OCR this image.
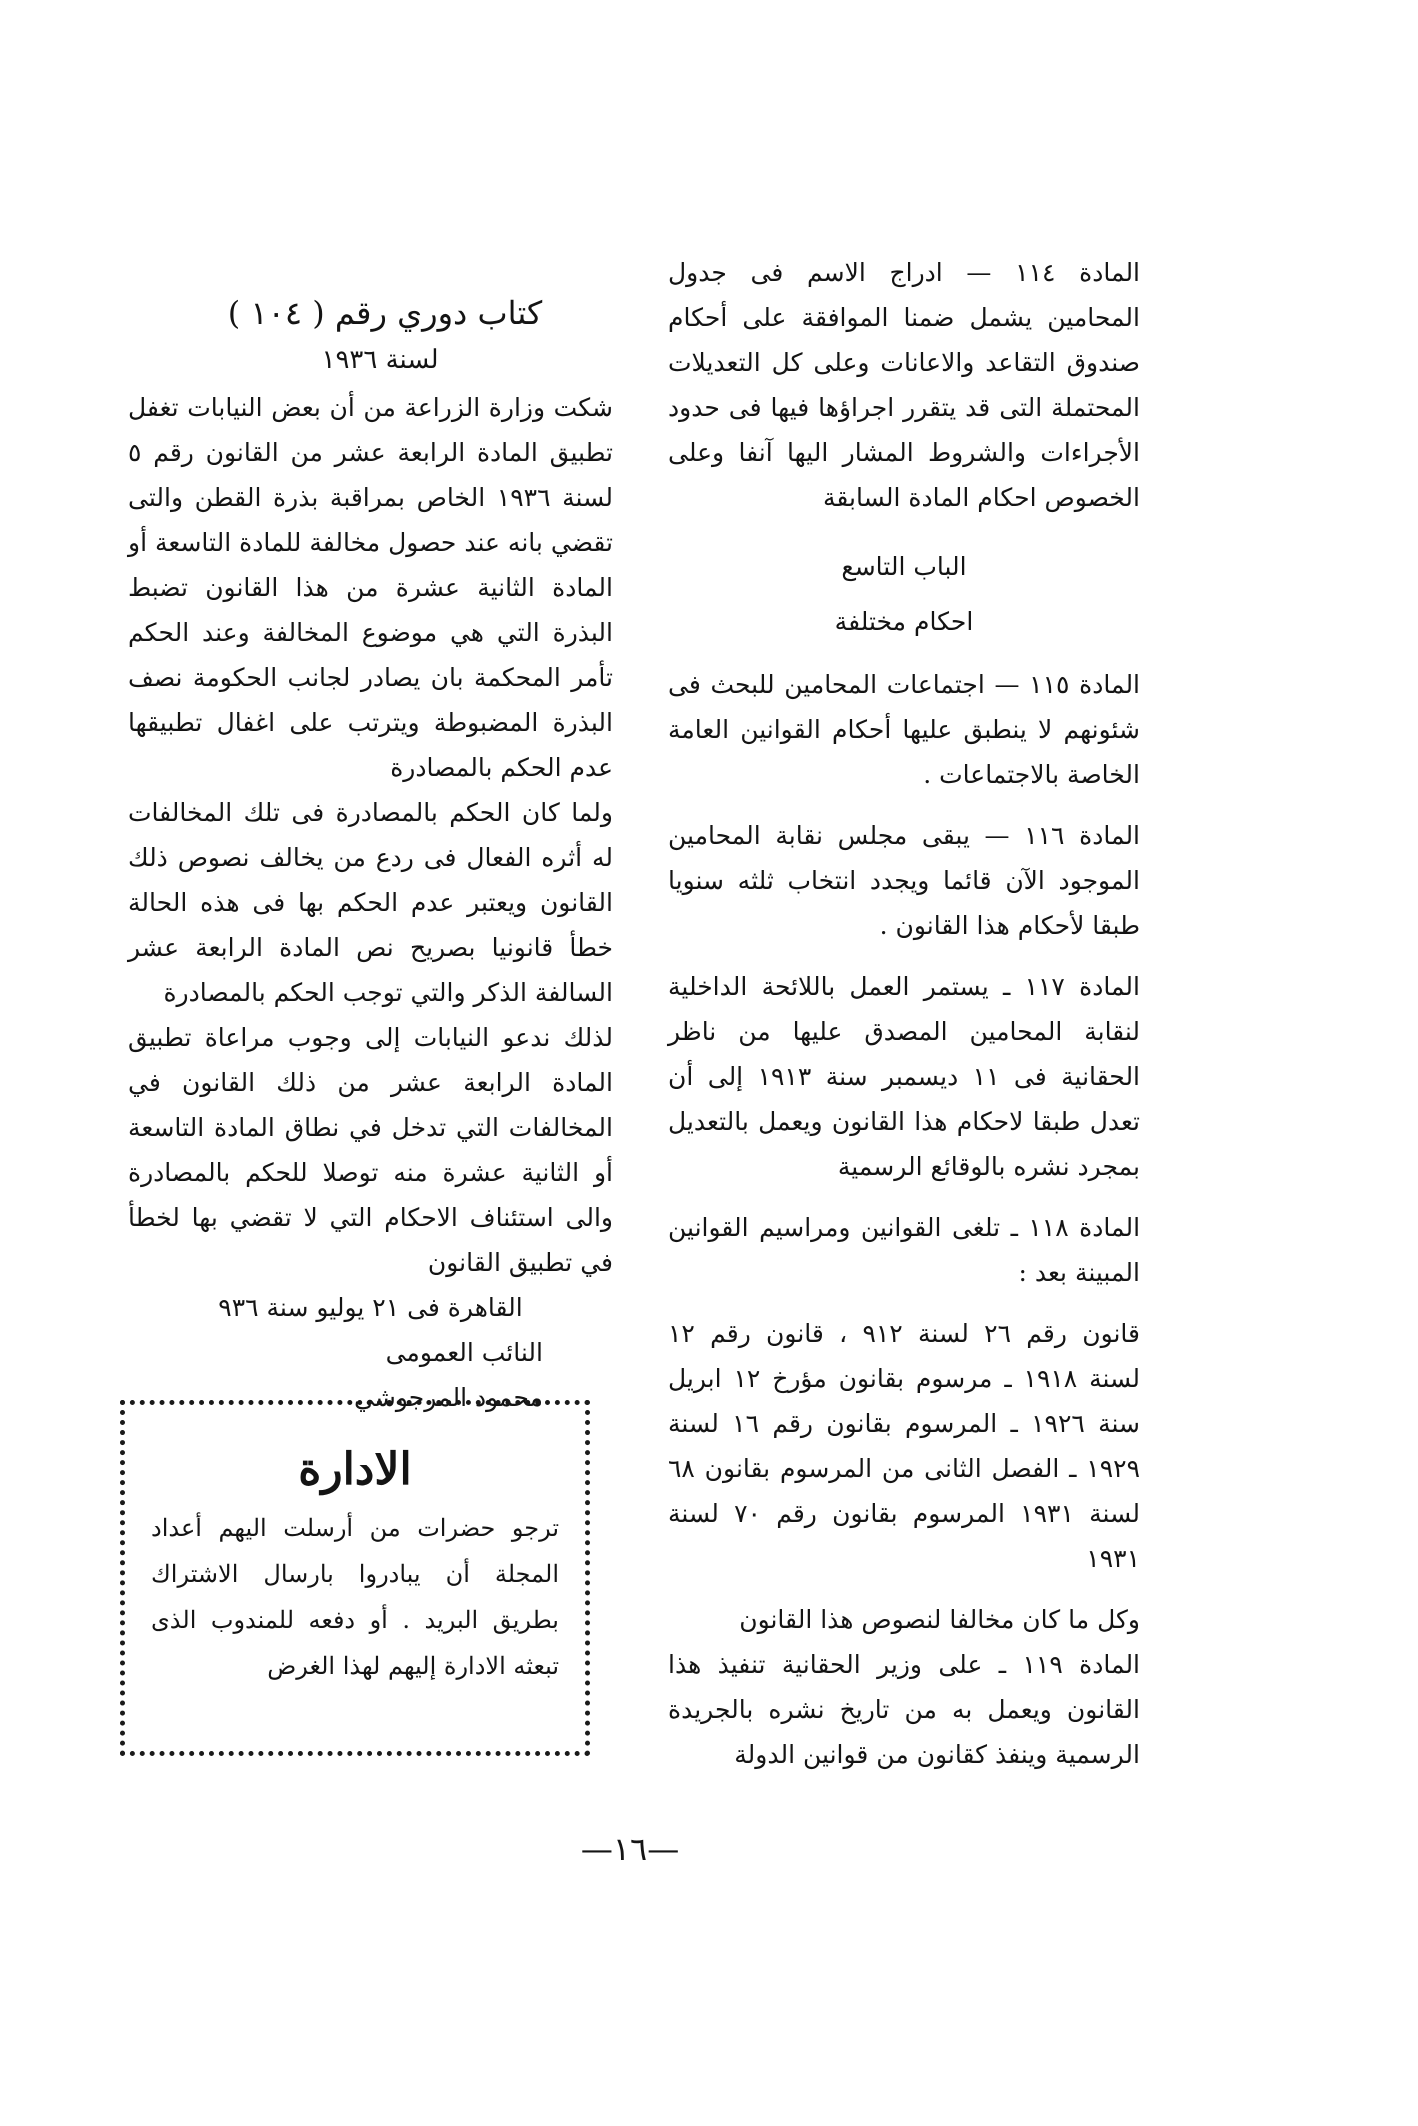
المادة ١١٤ — ادراج الاسم فى جدول المحامين يشمل ضمنا الموافقة على أحكام صندوق التقاعد والاعانات وعلى كل التعديلات المحتملة التى قد يتقرر اجراؤها فيها فى حدود الأجراءات والشروط المشار اليها آنفا وعلى الخصوص احكام المادة السابقة

الباب التاسع

احكام مختلفة

المادة ١١٥ — اجتماعات المحامين للبحث فى شئونهم لا ينطبق عليها أحكام القوانين العامة الخاصة بالاجتماعات .

المادة ١١٦ — يبقى مجلس نقابة المحامين الموجود الآن قائما ويجدد انتخاب ثلثه سنويا طبقا لأحكام هذا القانون .

المادة ١١٧ ـ يستمر العمل باللائحة الداخلية لنقابة المحامين المصدق عليها من ناظر الحقانية فى ١١ ديسمبر سنة ١٩١٣ إلى أن تعدل طبقا لاحكام هذا القانون ويعمل بالتعديل بمجرد نشره بالوقائع الرسمية

المادة ١١٨ ـ تلغى القوانين ومراسيم القوانين المبينة بعد :

قانون رقم ٢٦ لسنة ٩١٢ ، قانون رقم ١٢ لسنة ١٩١٨ ـ مرسوم بقانون مؤرخ ١٢ ابريل سنة ١٩٢٦ ـ المرسوم بقانون رقم ١٦ لسنة ١٩٢٩ ـ الفصل الثانى من المرسوم بقانون ٦٨ لسنة ١٩٣١ المرسوم بقانون رقم ٧٠ لسنة ١٩٣١

وكل ما كان مخالفا لنصوص هذا القانون

المادة ١١٩ ـ على وزير الحقانية تنفيذ هذا القانون ويعمل به من تاريخ نشره بالجريدة الرسمية وينفذ كقانون من قوانين الدولة

كتاب دوري رقم ( ١٠٤ )
لسنة ١٩٣٦

شكت وزارة الزراعة من أن بعض النيابات تغفل تطبيق المادة الرابعة عشر من القانون رقم ٥ لسنة ١٩٣٦ الخاص بمراقبة بذرة القطن والتى تقضي بانه عند حصول مخالفة للمادة التاسعة أو المادة الثانية عشرة من هذا القانون تضبط البذرة التي هي موضوع المخالفة وعند الحكم تأمر المحكمة بان يصادر لجانب الحكومة نصف البذرة المضبوطة ويترتب على اغفال تطبيقها عدم الحكم بالمصادرة

ولما كان الحكم بالمصادرة فى تلك المخالفات له أثره الفعال فى ردع من يخالف نصوص ذلك القانون ويعتبر عدم الحكم بها فى هذه الحالة خطأ قانونيا بصريح نص المادة الرابعة عشر السالفة الذكر والتي توجب الحكم بالمصادرة

لذلك ندعو النيابات إلى وجوب مراعاة تطبيق المادة الرابعة عشر من ذلك القانون في المخالفات التي تدخل في نطاق المادة التاسعة أو الثانية عشرة منه توصلا للحكم بالمصادرة والى استئناف الاحكام التي لا تقضي بها لخطأ في تطبيق القانون

القاهرة فى ٢١ يوليو سنة ٩٣٦

النائب العمومى

محمود المرجوشي

الادارة

ترجو حضرات من أرسلت اليهم أعداد المجلة أن يبادروا بارسال الاشتراك بطريق البريد . أو دفعه للمندوب الذى تبعثه الادارة إليهم لهذا الغرض

—١٦—
